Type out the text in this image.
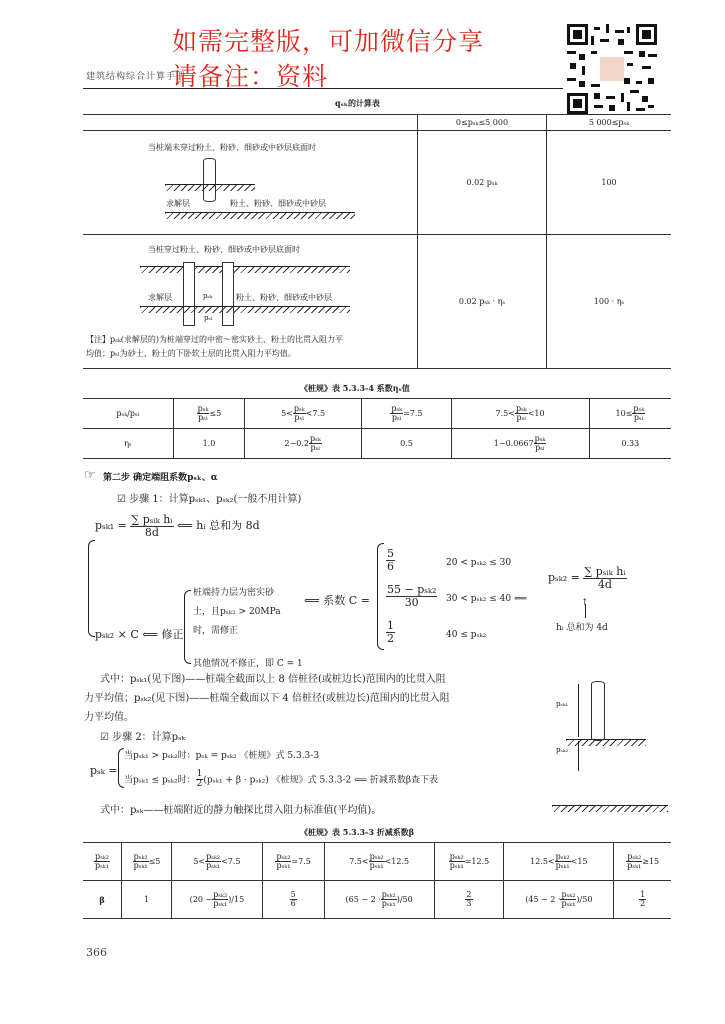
建筑结构综合计算手册
如需完整版，可加微信分享
请备注：资料
qₛₖ的计算表
	0≤pₛₖ≤5 000	5 000≤pₛₖ
	0.02 pₛₖ	100
	0.02 pₛₖ · ηₛ	100 · ηₛ
当桩端未穿过粉土、粉砂、细砂或中砂层底面时
求解层	粉土、粉砂、细砂或中砂层
当桩穿过粉土、粉砂、细砂或中砂层底面时
求解层	pₛₖ	粉土、粉砂、细砂或中砂层
pₛₗ
【注】pₛₖ(求解层的)为桩端穿过的中密～密实砂土、粉土的比贯入阻力平
均值；pₛₗ为砂土、粉土的下卧软土层的比贯入阻力平均值。
《桩规》表 5.3.3-4 系数ηₛ值
pₛₖ/pₛₗ	$\frac{\text{pₛₖ}}{\text{pₛₗ}} \le 5$	$5< \frac{\text{pₛₖ}}{\text{pₛₗ}} <7.5$	$\frac{\text{pₛₖ}}{\text{pₛₗ}} =7.5$	$7.5< \frac{\text{pₛₖ}}{\text{pₛₗ}} <10$	$10\le \frac{\text{pₛₖ}}{\text{pₛₗ}}$

ηₛ	1.0	$2-0.2 \frac{\text{pₛₖ}}{\text{pₛₗ}}$	0.5	$1-0.0667 \frac{\text{pₛₖ}}{\text{pₛₗ}}$	0.33
☞ 第二步 确定端阻系数pₛₖ、α
☑ 步骤 1：计算pₛₖ₁、pₛₖ₂(一般不用计算)
$p_{sk1} = \frac{\text{∑ pₛᵢₖ hᵢ}}{8d}$ ⟸ hᵢ 总和为 8d
pₛₖ₂ × C ⟸ 修正
桩端持力层为密实砂
土，且pₛₖ₂ > 20MPa
时，需修正
其他情况不修正，即 C = 1
⟸ 系数 C =
$\frac{5}{6}$	20 < pₛₖ₂ ≤ 30
$\frac{\text{55 − pₛₖ₂}}{30} 30 < p_{sk2} \le 40$ ⟸
$\frac{1}{2}$	40 ≤ pₛₖ₂
$p_{sk2} = \frac{\text{∑ pₛᵢₖ hᵢ}}{4d}$
↑
hᵢ 总和为 4d
式中：pₛₖ₁(见下图)——桩端全截面以上 8 倍桩径(或桩边长)范围内的比贯入阻
力平均值；pₛₖ₂(见下图)——桩端全截面以下 4 倍桩径(或桩边长)范围内的比贯入阻
力平均值。
pₛₖ₁
pₛₖ₂
☑ 步骤 2：计算pₛₖ
当pₛₖ₁ > pₛₖ₂时：pₛₖ = pₛₖ₂ 《桩规》式 5.3.3-3
pₛₖ =
当pₛₖ₁ ≤ pₛₖ₂时： $\frac{1}{2} (p_{sk1} + \beta \cdot p_{sk2})$ 《桩规》式 5.3.3-2 ⟸ 折减系数β查下表
式中：pₛₖ——桩端附近的静力触探比贯入阻力标准值(平均值)。
《桩规》表 5.3.3-3 折减系数β
$\frac{\text{pₛₖ₂}}{\text{pₛₖ₁}}$	$\frac{\text{pₛₖ₂}}{\text{pₛₖ₁}} \le 5$	$5< \frac{\text{pₛₖ₂}}{\text{pₛₖ₁}} <7.5$	$\frac{\text{pₛₖ₂}}{\text{pₛₖ₁}} =7.5$	$7.5< \frac{\text{pₛₖ₂}}{\text{pₛₖ₁}} <12.5$	$\frac{\text{pₛₖ₂}}{\text{pₛₖ₁}} =12.5$	$12.5< \frac{\text{pₛₖ₂}}{\text{pₛₖ₁}} <15$	$\frac{\text{pₛₖ₂}}{\text{pₛₖ₁}} \ge 15$
β	1	$(20 - \frac{\text{pₛₖ₂}}{\text{pₛₖ₁}} )/15$	$\frac{5}{6}$	$(65 - 2 \cdot \frac{\text{pₛₖ₂}}{\text{pₛₖ₁}} )/50$	$\frac{2}{3}$	$(45 - 2 \cdot \frac{\text{pₛₖ₂}}{\text{pₛₖ₁}} )/50$	$\frac{1}{2}$
366
